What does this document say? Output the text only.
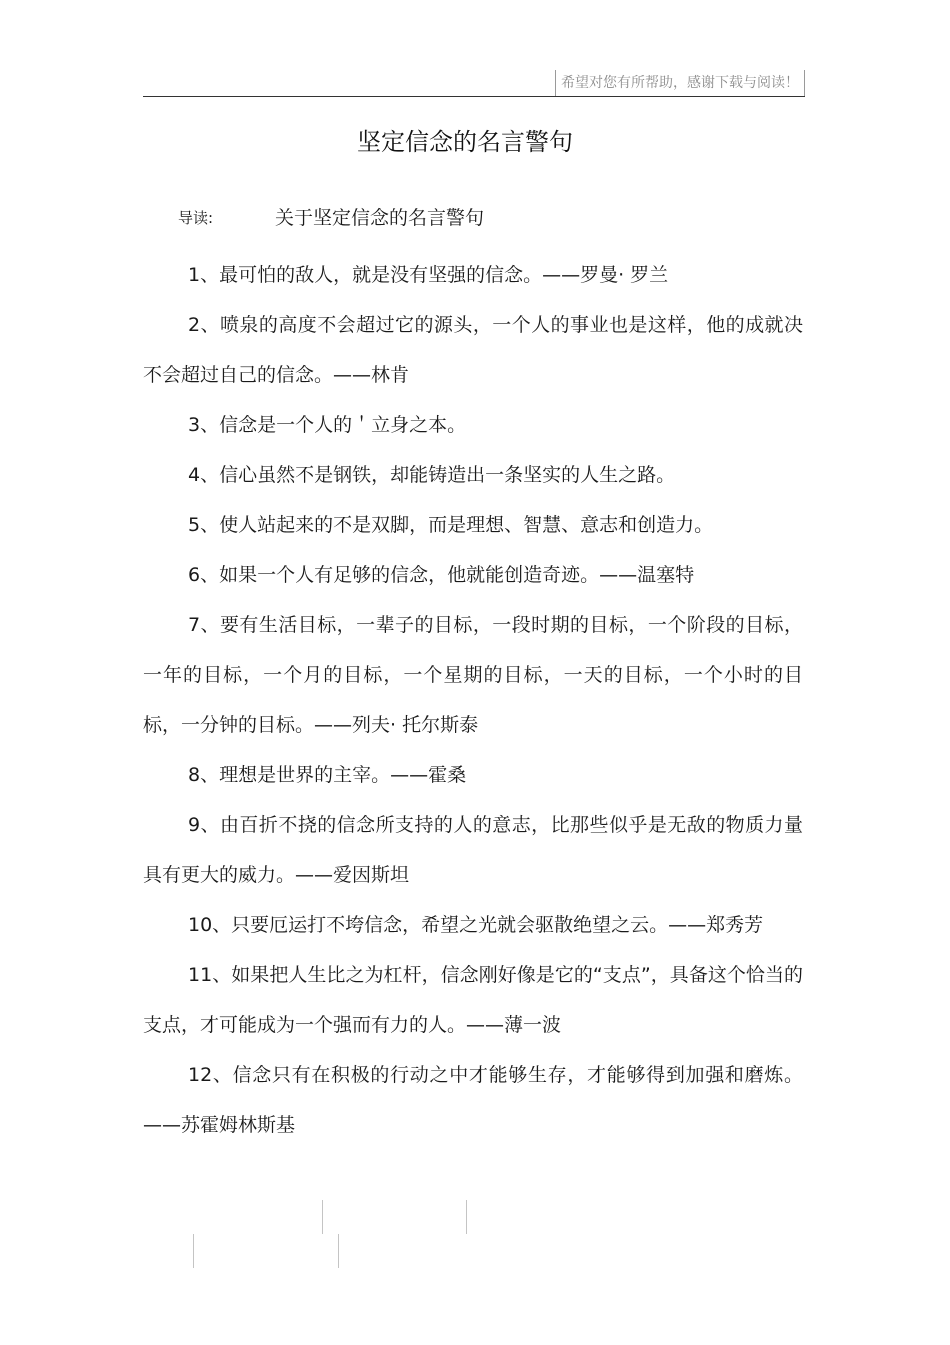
希望对您有所帮助，感谢下载与阅读！
坚定信念的名言警句
导读:	关于坚定信念的名言警句
1、最可怕的敌人，就是没有坚强的信念。——罗曼· 罗兰
2、喷泉的高度不会超过它的源头，一个人的事业也是这样，他的成就决不会超过自己的信念。——林肯
3、信念是一个人的＇立身之本。
4、信心虽然不是钢铁，却能铸造出一条坚实的人生之路。
5、使人站起来的不是双脚，而是理想、智慧、意志和创造力。
6、如果一个人有足够的信念，他就能创造奇迹。——温塞特
7、要有生活目标，一辈子的目标，一段时期的目标，一个阶段的目标，一年的目标，一个月的目标，一个星期的目标，一天的目标，一个小时的目标，一分钟的目标。——列夫· 托尔斯泰
8、理想是世界的主宰。——霍桑
9、由百折不挠的信念所支持的人的意志，比那些似乎是无敌的物质力量具有更大的威力。——爱因斯坦
10、只要厄运打不垮信念，希望之光就会驱散绝望之云。——郑秀芳
11、如果把人生比之为杠杆，信念刚好像是它的“支点”，具备这个恰当的支点，才可能成为一个强而有力的人。——薄一波
12、信念只有在积极的行动之中才能够生存，才能够得到加强和磨炼。——苏霍姆林斯基
